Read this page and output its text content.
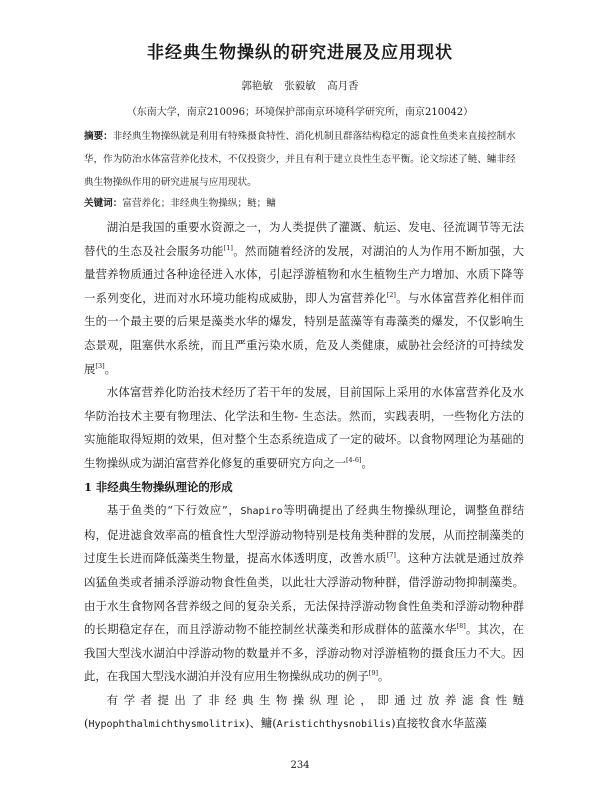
非经典生物操纵的研究进展及应用现状
郭艳敏 张毅敏 高月香
（东南大学，南京210096；环境保护部南京环境科学研究所，南京210042）
摘要：非经典生物操纵就是利用有特殊摄食特性、消化机制且群落结构稳定的滤食性鱼类来直接控制水华，作为防治水体富营养化技术，不仅投资少，并且有利于建立良性生态平衡。论文综述了鲢、鳙非经典生物操纵作用的研究进展与应用现状。
关键词：富营养化；非经典生物操纵；鲢；鳙

湖泊是我国的重要水资源之一，为人类提供了灌溉、航运、发电、径流调节等无法替代的生态及社会服务功能[1]。然而随着经济的发展，对湖泊的人为作用不断加强，大量营养物质通过各种途径进入水体，引起浮游植物和水生植物生产力增加、水质下降等一系列变化，进而对水环境功能构成威胁，即人为富营养化[2]。与水体富营养化相伴而生的一个最主要的后果是藻类水华的爆发，特别是蓝藻等有毒藻类的爆发，不仅影响生态景观，阻塞供水系统，而且严重污染水质，危及人类健康，威胁社会经济的可持续发展[3]。

水体富营养化防治技术经历了若干年的发展，目前国际上采用的水体富营养化及水华防治技术主要有物理法、化学法和生物- 生态法。然而，实践表明，一些物化方法的实施能取得短期的效果，但对整个生态系统造成了一定的破坏。以食物网理论为基础的生物操纵成为湖泊富营养化修复的重要研究方向之一[4-6]。

1 非经典生物操纵理论的形成

基于鱼类的“下行效应”，Shapiro等明确提出了经典生物操纵理论，调整鱼群结构，促进滤食效率高的植食性大型浮游动物特别是枝角类种群的发展，从而控制藻类的过度生长进而降低藻类生物量，提高水体透明度，改善水质[7]。这种方法就是通过放养凶猛鱼类或者捕杀浮游动物食性鱼类，以此壮大浮游动物种群，借浮游动物抑制藻类。由于水生食物网各营养级之间的复杂关系，无法保持浮游动物食性鱼类和浮游动物种群的长期稳定存在，而且浮游动物不能控制丝状藻类和形成群体的蓝藻水华[8]。其次，在我国大型浅水湖泊中浮游动物的数量并不多，浮游动物对浮游植物的摄食压力不大。因此，在我国大型浅水湖泊并没有应用生物操纵成功的例子[9]。

有学者提出了非经典生物操纵理论，即通过放养滤食性鲢(Hypophthalmichthysmolitrix)、鳙(Aristichthysnobilis)直接牧食水华蓝藻

234
